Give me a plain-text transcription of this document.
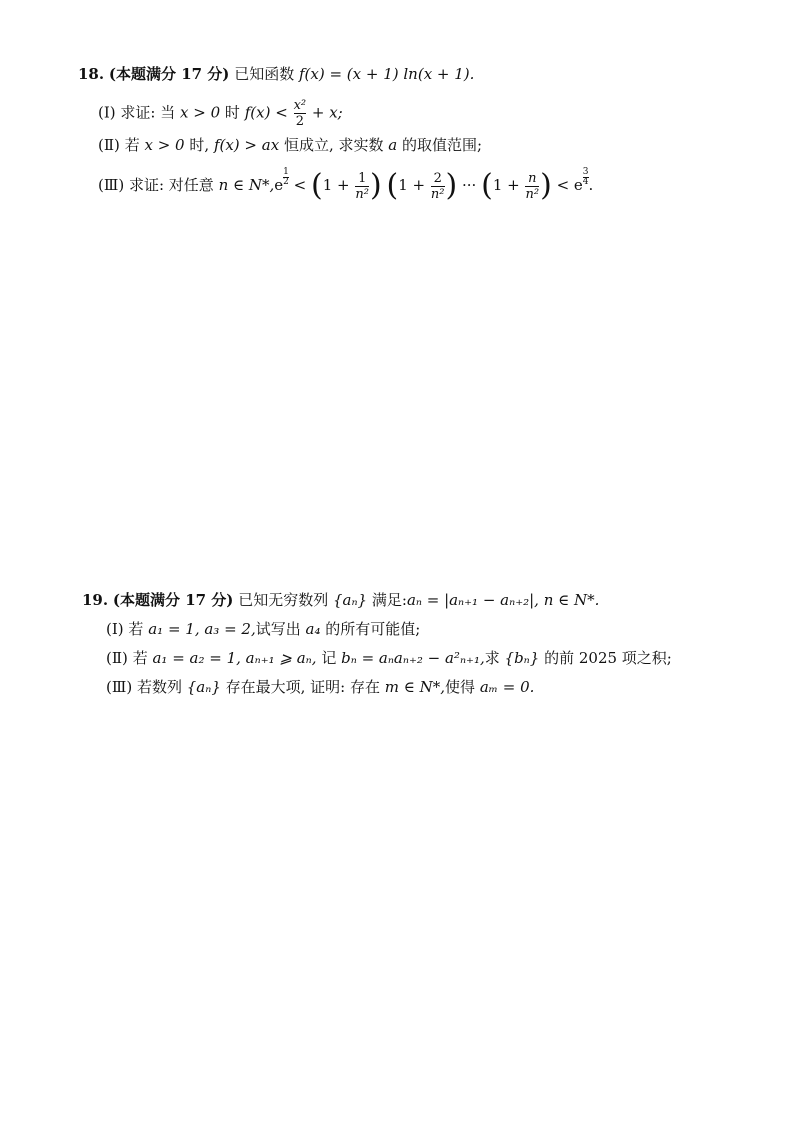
18. (本题满分 17 分) 已知函数 f(x) = (x + 1) ln(x + 1).
(Ⅰ) 求证: 当 x > 0 时 $f(x) < \frac{\text{x²}}{2} + x$;
(Ⅱ) 若 x > 0 时, f(x) > ax 恒成立, 求实数 a 的取值范围;
(Ⅲ) 求证: 对任意 n ∈ $N*,e \frac{1}{2} < (1 + \frac{1}{\text{n²}}$ ) ($1 + \frac{2}{\text{n²}}$ ) ··· ($1 + \frac{n}{\text{n²}}$ ) < e $\frac{3}{4}$ .
19. (本题满分 17 分) 已知无穷数列 {aₙ} 满足:aₙ = |aₙ₊₁ − aₙ₊₂|, n ∈ N*.
(Ⅰ) 若 a₁ = 1, a₃ = 2,试写出 a₄ 的所有可能值;
(Ⅱ) 若 a₁ = a₂ = 1, aₙ₊₁ ⩾ aₙ, 记 bₙ = aₙaₙ₊₂ − a²ₙ₊₁,求 {bₙ} 的前 2025 项之积;
(Ⅲ) 若数列 {aₙ} 存在最大项, 证明: 存在 m ∈ N*,使得 aₘ = 0.
